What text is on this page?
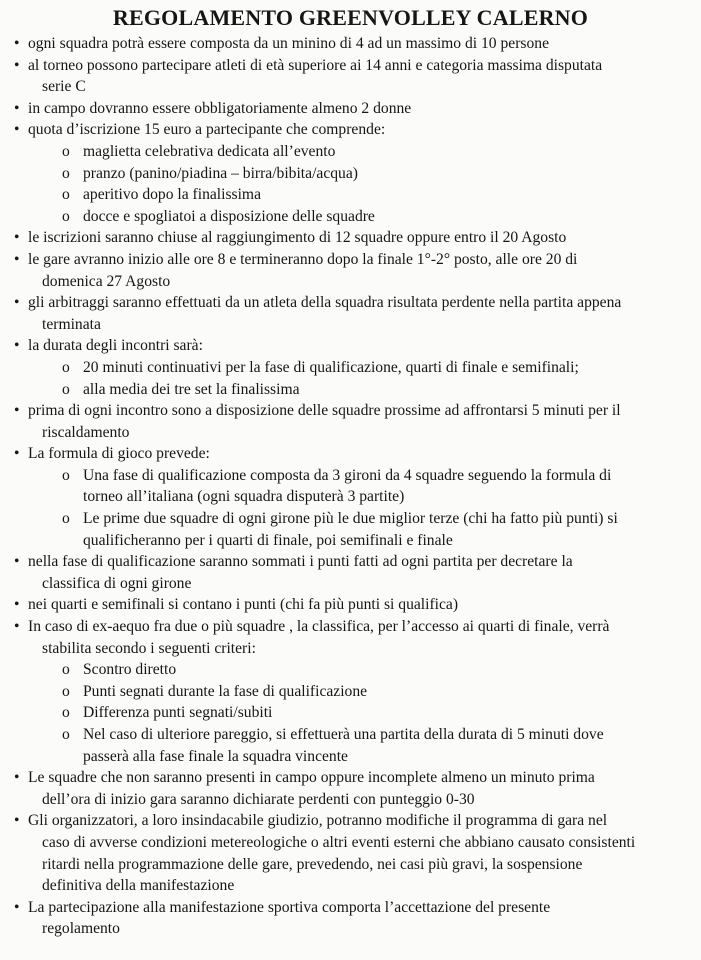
REGOLAMENTO GREENVOLLEY CALERNO
• ogni squadra potrà essere composta da un minino di 4 ad un massimo di 10 persone
• al torneo possono partecipare atleti di età superiore ai 14 anni e categoria massima disputata
serie C
• in campo dovranno essere obbligatoriamente almeno 2 donne
• quota d’iscrizione 15 euro a partecipante che comprende:
o maglietta celebrativa dedicata all’evento
o pranzo (panino/piadina – birra/bibita/acqua)
o aperitivo dopo la finalissima
o docce e spogliatoi a disposizione delle squadre
• le iscrizioni saranno chiuse al raggiungimento di 12 squadre oppure entro il 20 Agosto
• le gare avranno inizio alle ore 8 e termineranno dopo la finale 1°-2° posto, alle ore 20 di
domenica 27 Agosto
• gli arbitraggi saranno effettuati da un atleta della squadra risultata perdente nella partita appena
terminata
• la durata degli incontri sarà:
o 20 minuti continuativi per la fase di qualificazione, quarti di finale e semifinali;
o alla media dei tre set la finalissima
• prima di ogni incontro sono a disposizione delle squadre prossime ad affrontarsi 5 minuti per il
riscaldamento
• La formula di gioco prevede:
o Una fase di qualificazione composta da 3 gironi da 4 squadre seguendo la formula di
torneo all’italiana (ogni squadra disputerà 3 partite)
o Le prime due squadre di ogni girone più le due miglior terze (chi ha fatto più punti) si
qualificheranno per i quarti di finale, poi semifinali e finale
• nella fase di qualificazione saranno sommati i punti fatti ad ogni partita per decretare la
classifica di ogni girone
• nei quarti e semifinali si contano i punti (chi fa più punti si qualifica)
• In caso di ex-aequo fra due o più squadre , la classifica, per l’accesso ai quarti di finale, verrà
stabilita secondo i seguenti criteri:
o Scontro diretto
o Punti segnati durante la fase di qualificazione
o Differenza punti segnati/subiti
o Nel caso di ulteriore pareggio, si effettuerà una partita della durata di 5 minuti dove
passerà alla fase finale la squadra vincente
• Le squadre che non saranno presenti in campo oppure incomplete almeno un minuto prima
dell’ora di inizio gara saranno dichiarate perdenti con punteggio 0-30
• Gli organizzatori, a loro insindacabile giudizio, potranno modifiche il programma di gara nel
caso di avverse condizioni metereologiche o altri eventi esterni che abbiano causato consistenti
ritardi nella programmazione delle gare, prevedendo, nei casi più gravi, la sospensione
definitiva della manifestazione
• La partecipazione alla manifestazione sportiva comporta l’accettazione del presente
regolamento
